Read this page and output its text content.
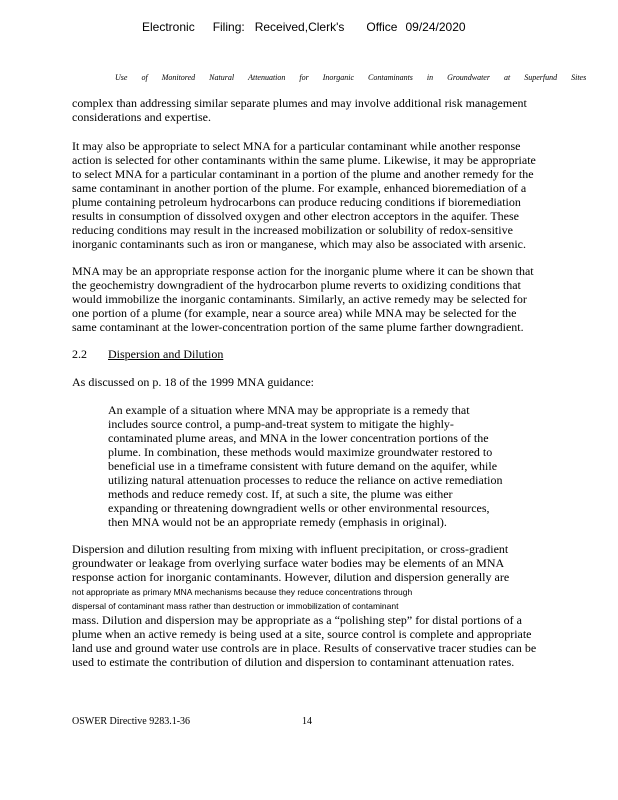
Electronic Filing: Received,Clerk's Office 09/24/2020
Use of Monitored Natural Attenuation for Inorganic Contaminants in Groundwater at Superfund Sites
complex than addressing similar separate plumes and may involve additional risk management
considerations and expertise.
It may also be appropriate to select MNA for a particular contaminant while another response
action is selected for other contaminants within the same plume. Likewise, it may be appropriate
to select MNA for a particular contaminant in a portion of the plume and another remedy for the
same contaminant in another portion of the plume. For example, enhanced bioremediation of a
plume containing petroleum hydrocarbons can produce reducing conditions if bioremediation
results in consumption of dissolved oxygen and other electron acceptors in the aquifer. These
reducing conditions may result in the increased mobilization or solubility of redox-sensitive
inorganic contaminants such as iron or manganese, which may also be associated with arsenic.
MNA may be an appropriate response action for the inorganic plume where it can be shown that
the geochemistry downgradient of the hydrocarbon plume reverts to oxidizing conditions that
would immobilize the inorganic contaminants. Similarly, an active remedy may be selected for
one portion of a plume (for example, near a source area) while MNA may be selected for the
same contaminant at the lower-concentration portion of the same plume farther downgradient.
2.2 Dispersion and Dilution
As discussed on p. 18 of the 1999 MNA guidance:
An example of a situation where MNA may be appropriate is a remedy that
includes source control, a pump-and-treat system to mitigate the highly-
contaminated plume areas, and MNA in the lower concentration portions of the
plume. In combination, these methods would maximize groundwater restored to
beneficial use in a timeframe consistent with future demand on the aquifer, while
utilizing natural attenuation processes to reduce the reliance on active remediation
methods and reduce remedy cost. If, at such a site, the plume was either
expanding or threatening downgradient wells or other environmental resources,
then MNA would not be an appropriate remedy (emphasis in original).
Dispersion and dilution resulting from mixing with influent precipitation, or cross-gradient
groundwater or leakage from overlying surface water bodies may be elements of an MNA
response action for inorganic contaminants. However, dilution and dispersion generally are
not appropriate as primary MNA mechanisms because they reduce concentrations through
dispersal of contaminant mass rather than destruction or immobilization of contaminant
mass. Dilution and dispersion may be appropriate as a “polishing step” for distal portions of a
plume when an active remedy is being used at a site, source control is complete and appropriate
land use and ground water use controls are in place. Results of conservative tracer studies can be
used to estimate the contribution of dilution and dispersion to contaminant attenuation rates.
OSWER Directive 9283.1-36	14
